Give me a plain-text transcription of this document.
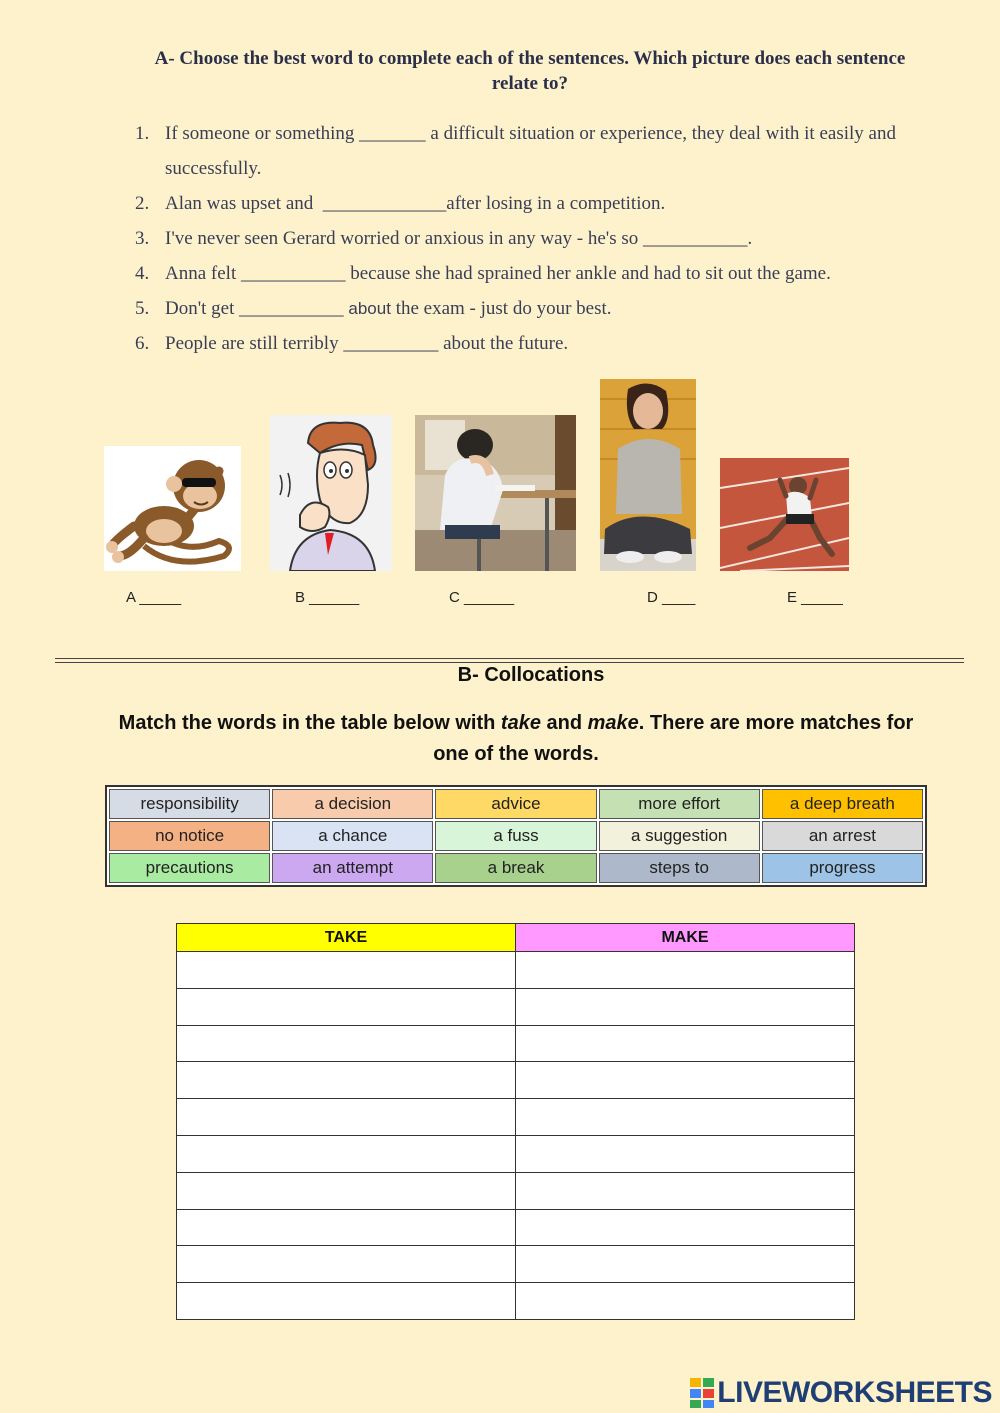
A- Choose the best word to complete each of the sentences. Which picture does each sentence relate to?
1. If someone or something _______ a difficult situation or experience, they deal with it easily and successfully.
2. Alan was upset and  _____________after losing in a competition.
3. I've never seen Gerard worried or anxious in any way - he's so ___________.
4. Anna felt ___________ because she had sprained her ankle and had to sit out the game.
5. Don't get ___________ about the exam - just do your best.
6. People are still terribly __________ about the future.
A _____	B ______	C ______	D ____	E _____
B- Collocations
Match the words in the table below with take and make. There are more matches for one of the words.
responsibility	a decision	advice	more effort	a deep breath
no notice	a chance	a fuss	a suggestion	an arrest
precautions	an attempt	a break	steps to	progress
TAKE	MAKE

LIVEWORKSHEETS
